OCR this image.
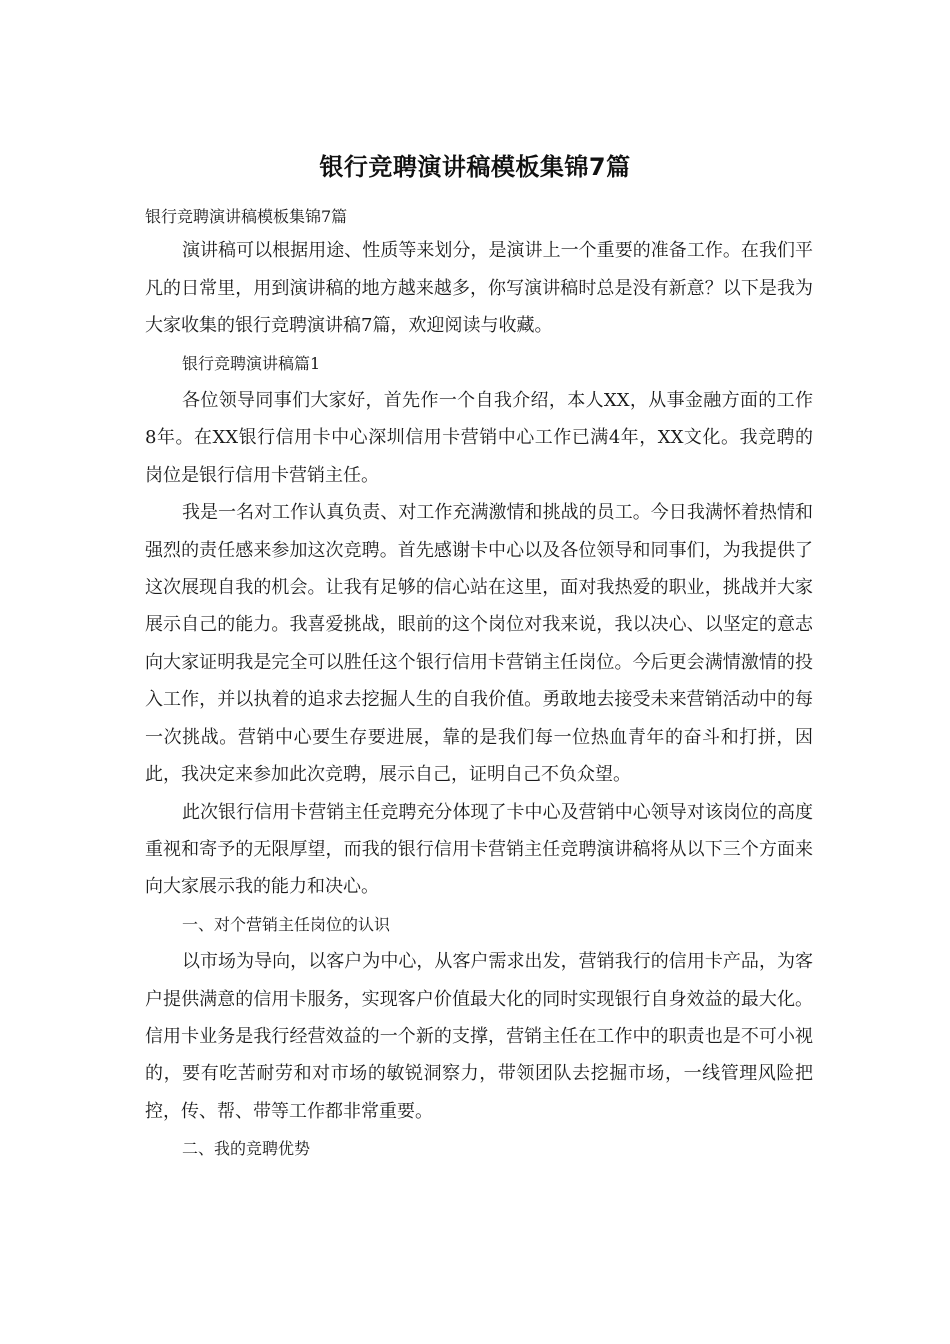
银行竞聘演讲稿模板集锦7篇

银行竞聘演讲稿模板集锦7篇

演讲稿可以根据用途、性质等来划分，是演讲上一个重要的准备工作。在我们平凡的日常里，用到演讲稿的地方越来越多，你写演讲稿时总是没有新意？以下是我为大家收集的银行竞聘演讲稿7篇，欢迎阅读与收藏。

银行竞聘演讲稿篇1

各位领导同事们大家好，首先作一个自我介绍，本人XX，从事金融方面的工作8年。在XX银行信用卡中心深圳信用卡营销中心工作已满4年，XX文化。我竞聘的岗位是银行信用卡营销主任。

我是一名对工作认真负责、对工作充满激情和挑战的员工。今日我满怀着热情和强烈的责任感来参加这次竞聘。首先感谢卡中心以及各位领导和同事们，为我提供了这次展现自我的机会。让我有足够的信心站在这里，面对我热爱的职业，挑战并大家展示自己的能力。我喜爱挑战，眼前的这个岗位对我来说，我以决心、以坚定的意志向大家证明我是完全可以胜任这个银行信用卡营销主任岗位。今后更会满情激情的投入工作，并以执着的追求去挖掘人生的自我价值。勇敢地去接受未来营销活动中的每一次挑战。营销中心要生存要进展，靠的是我们每一位热血青年的奋斗和打拼，因此，我决定来参加此次竞聘，展示自己，证明自己不负众望。

此次银行信用卡营销主任竞聘充分体现了卡中心及营销中心领导对该岗位的高度重视和寄予的无限厚望，而我的银行信用卡营销主任竞聘演讲稿将从以下三个方面来向大家展示我的能力和决心。

一、对个营销主任岗位的认识

以市场为导向，以客户为中心，从客户需求出发，营销我行的信用卡产品，为客户提供满意的信用卡服务，实现客户价值最大化的同时实现银行自身效益的最大化。信用卡业务是我行经营效益的一个新的支撑，营销主任在工作中的职责也是不可小视的，要有吃苦耐劳和对市场的敏锐洞察力，带领团队去挖掘市场，一线管理风险把控，传、帮、带等工作都非常重要。

二、我的竞聘优势
